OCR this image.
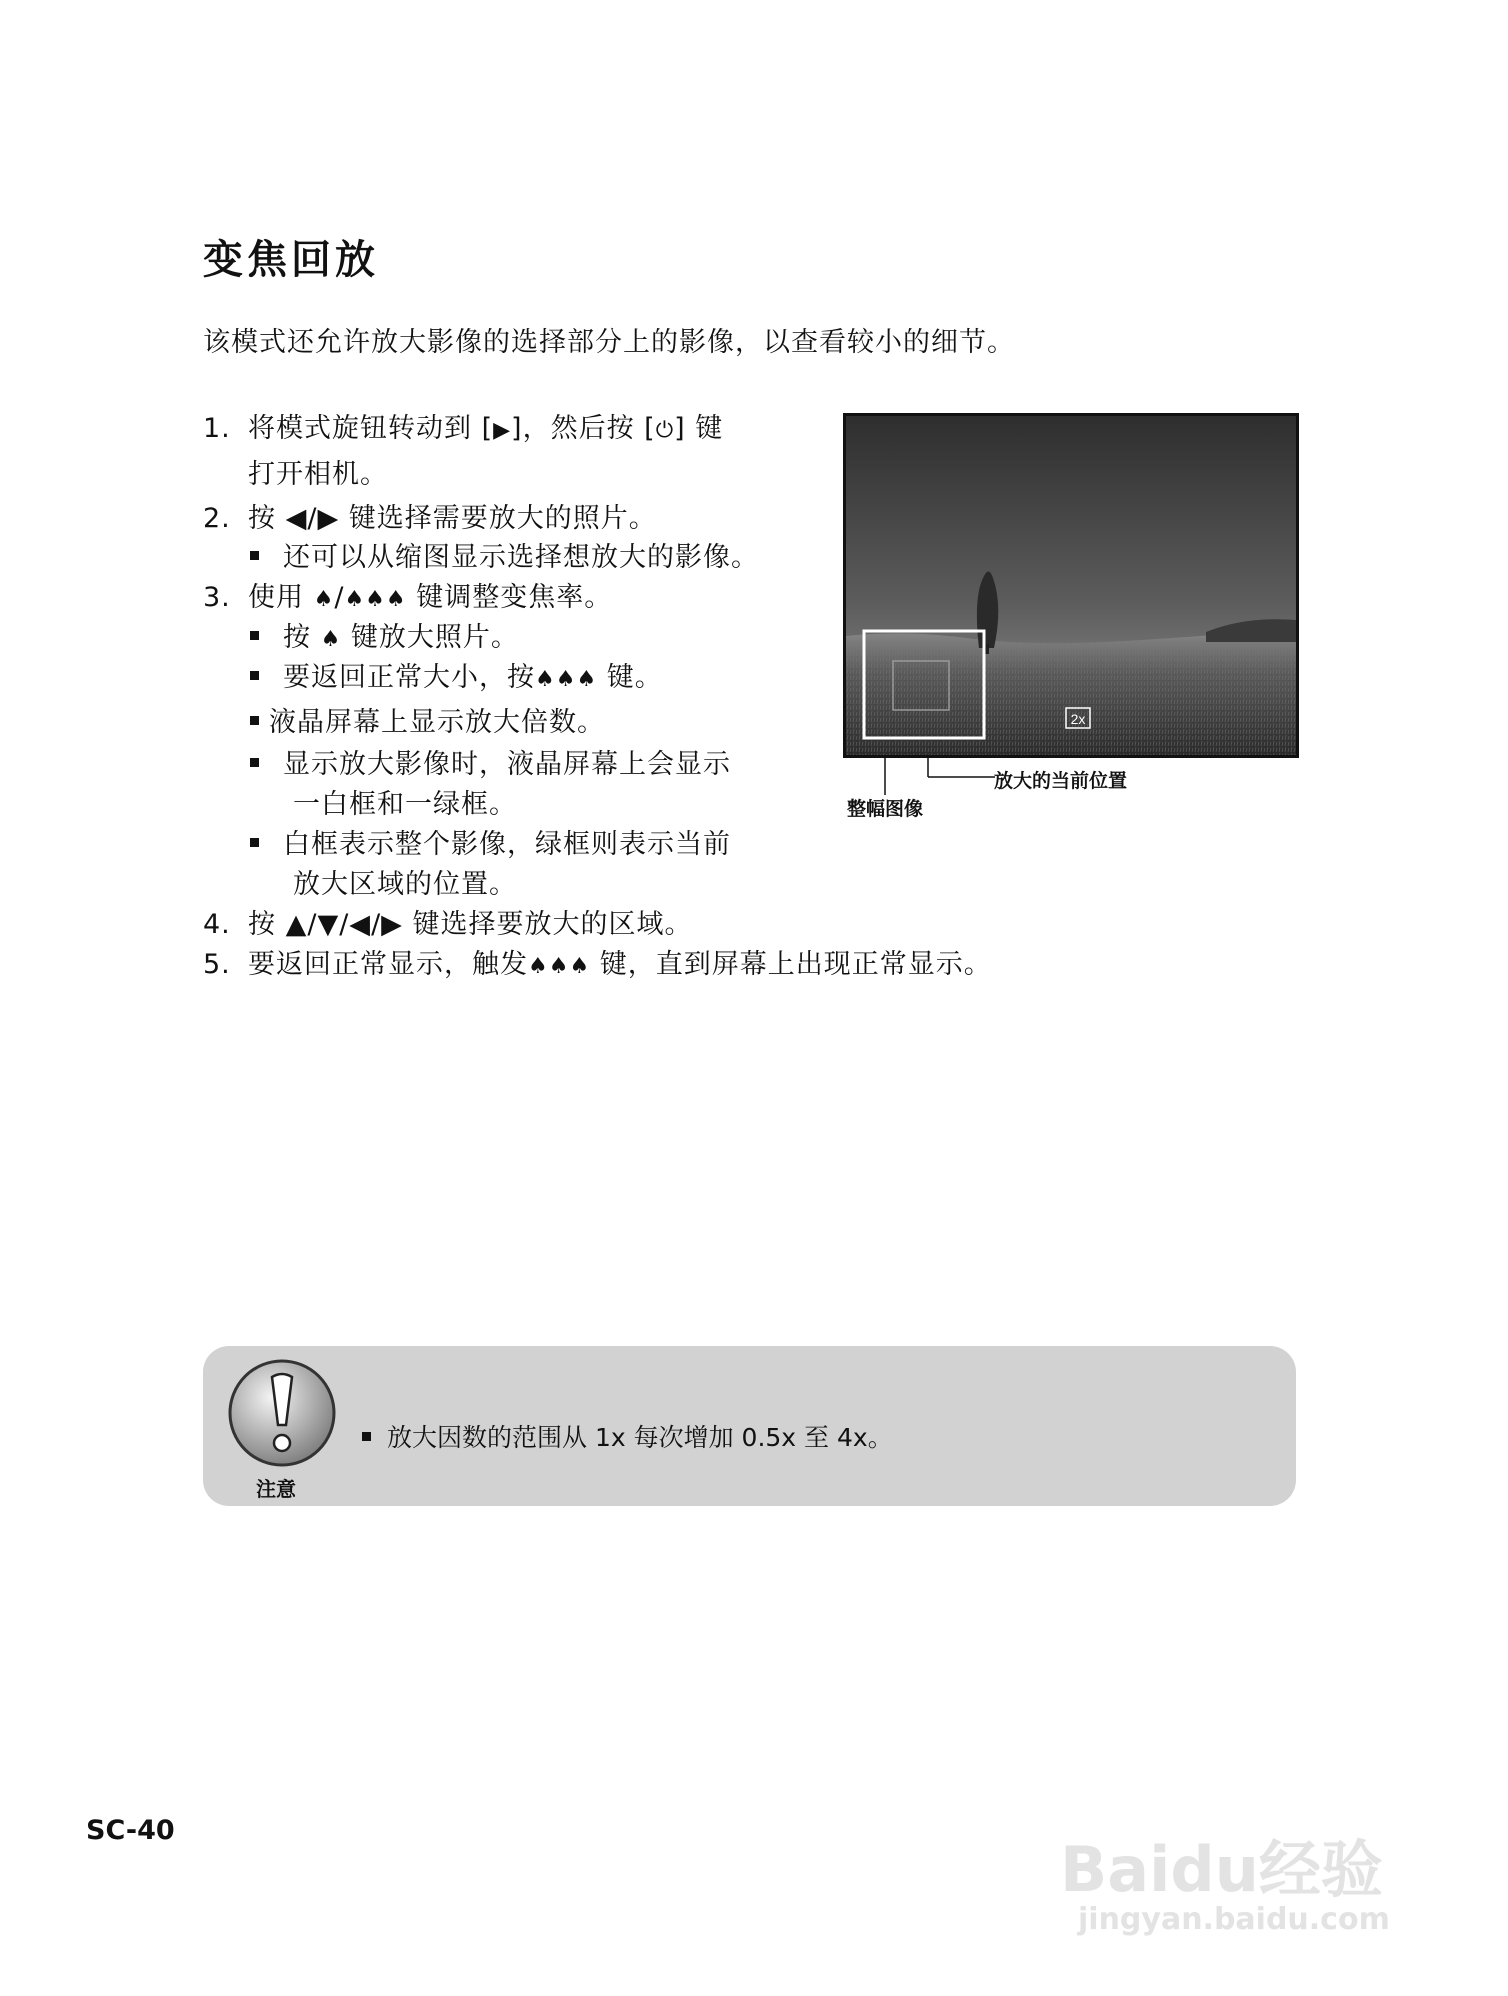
变焦回放
该模式还允许放大影像的选择部分上的影像，以查看较小的细节。
1. 将模式旋钮转动到 [▶]，然后按 [⏻] 键
打开相机。
2. 按 ◀/▶ 键选择需要放大的照片。
还可以从缩图显示选择想放大的影像。
3. 使用 ♠/♠♠♠ 键调整变焦率。
按 ♠ 键放大照片。
要返回正常大小，按♠♠♠ 键。
液晶屏幕上显示放大倍数。
显示放大影像时，液晶屏幕上会显示
一白框和一绿框。
白框表示整个影像，绿框则表示当前
放大区域的位置。
4. 按 ▲/▼/◀/▶ 键选择要放大的区域。
5. 要返回正常显示，触发♠♠♠ 键，直到屏幕上出现正常显示。
2x
整幅图像
放大的当前位置
注意
放大因数的范围从 1x 每次增加 0.5x 至 4x。
SC-40
Baidu经验
jingyan.baidu.com
